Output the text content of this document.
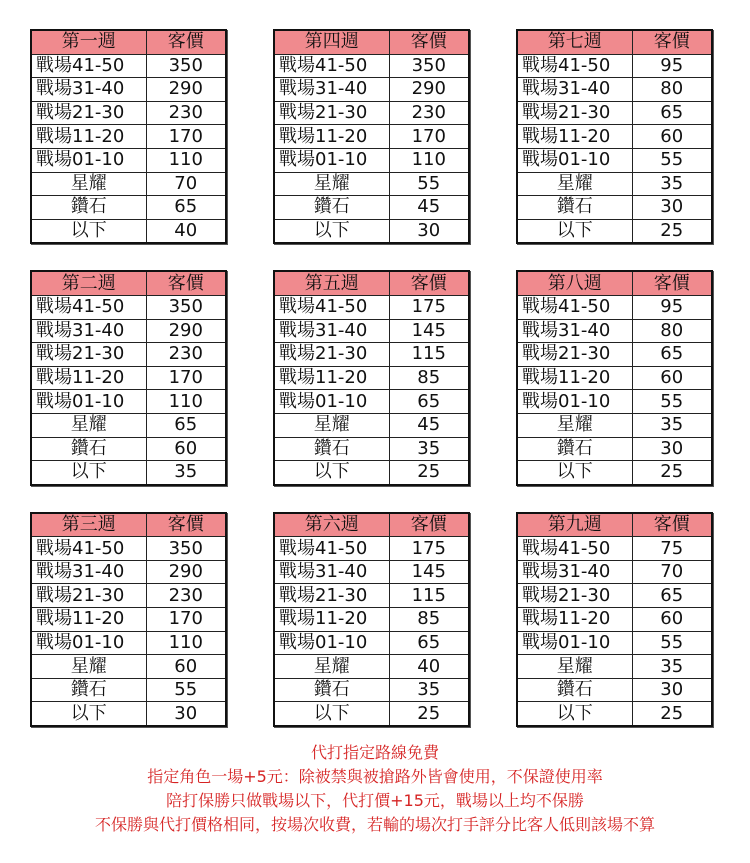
第一週	客價
戰場41-50	350
戰場31-40	290
戰場21-30	230
戰場11-20	170
戰場01-10	110
星耀	70
鑽石	65
以下	40
第四週	客價
戰場41-50	350
戰場31-40	290
戰場21-30	230
戰場11-20	170
戰場01-10	110
星耀	55
鑽石	45
以下	30
第七週	客價
戰場41-50	95
戰場31-40	80
戰場21-30	65
戰場11-20	60
戰場01-10	55
星耀	35
鑽石	30
以下	25
第二週	客價
戰場41-50	350
戰場31-40	290
戰場21-30	230
戰場11-20	170
戰場01-10	110
星耀	65
鑽石	60
以下	35
第五週	客價
戰場41-50	175
戰場31-40	145
戰場21-30	115
戰場11-20	85
戰場01-10	65
星耀	45
鑽石	35
以下	25
第八週	客價
戰場41-50	95
戰場31-40	80
戰場21-30	65
戰場11-20	60
戰場01-10	55
星耀	35
鑽石	30
以下	25
第三週	客價
戰場41-50	350
戰場31-40	290
戰場21-30	230
戰場11-20	170
戰場01-10	110
星耀	60
鑽石	55
以下	30
第六週	客價
戰場41-50	175
戰場31-40	145
戰場21-30	115
戰場11-20	85
戰場01-10	65
星耀	40
鑽石	35
以下	25
第九週	客價
戰場41-50	75
戰場31-40	70
戰場21-30	65
戰場11-20	60
戰場01-10	55
星耀	35
鑽石	30
以下	25
代打指定路線免費
指定角色一場+5元：除被禁與被搶路外皆會使用，不保證使用率
陪打保勝只做戰場以下，代打價+15元，戰場以上均不保勝
不保勝與代打價格相同，按場次收費，若輸的場次打手評分比客人低則該場不算
